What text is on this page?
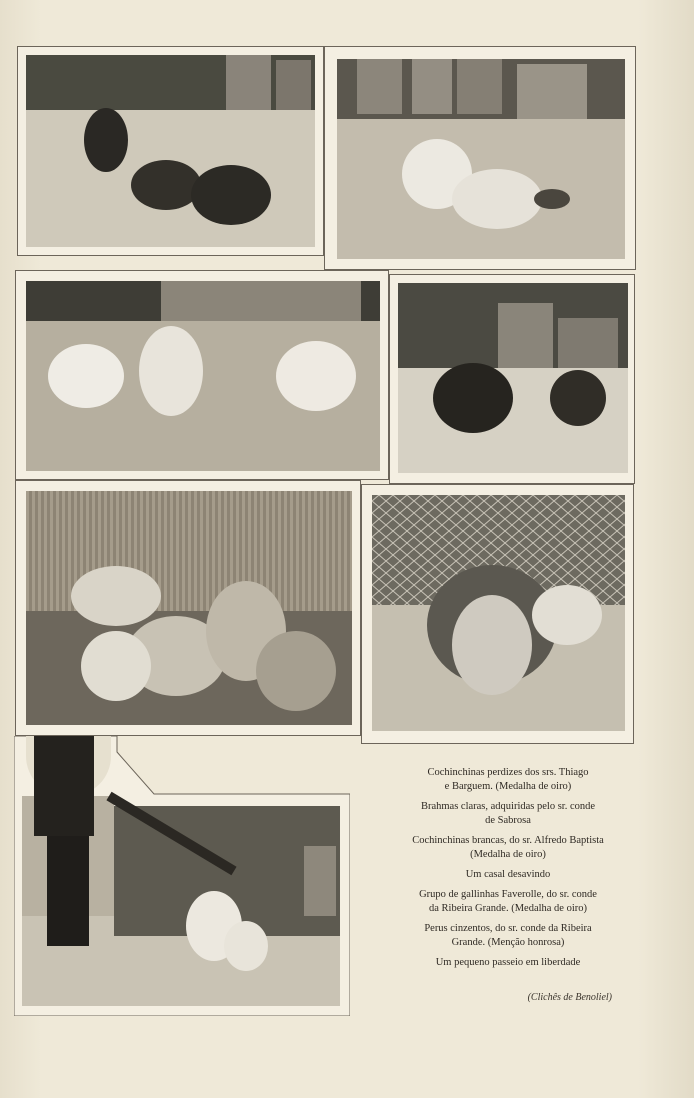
Cochinchinas perdizes dos srs. Thiago
e Barguem. (Medalha de oiro)
Brahmas claras, adquiridas pelo sr. conde
de Sabrosa
Cochinchinas brancas, do sr. Alfredo Baptista
(Medalha de oiro)
Um casal desavindo
Grupo de gallinhas Faverolle, do sr. conde
da Ribeira Grande. (Medalha de oiro)
Perus cinzentos, do sr. conde da Ribeira
Grande. (Menção honrosa)
Um pequeno passeio em liberdade
(Clichês de Benoliel)
